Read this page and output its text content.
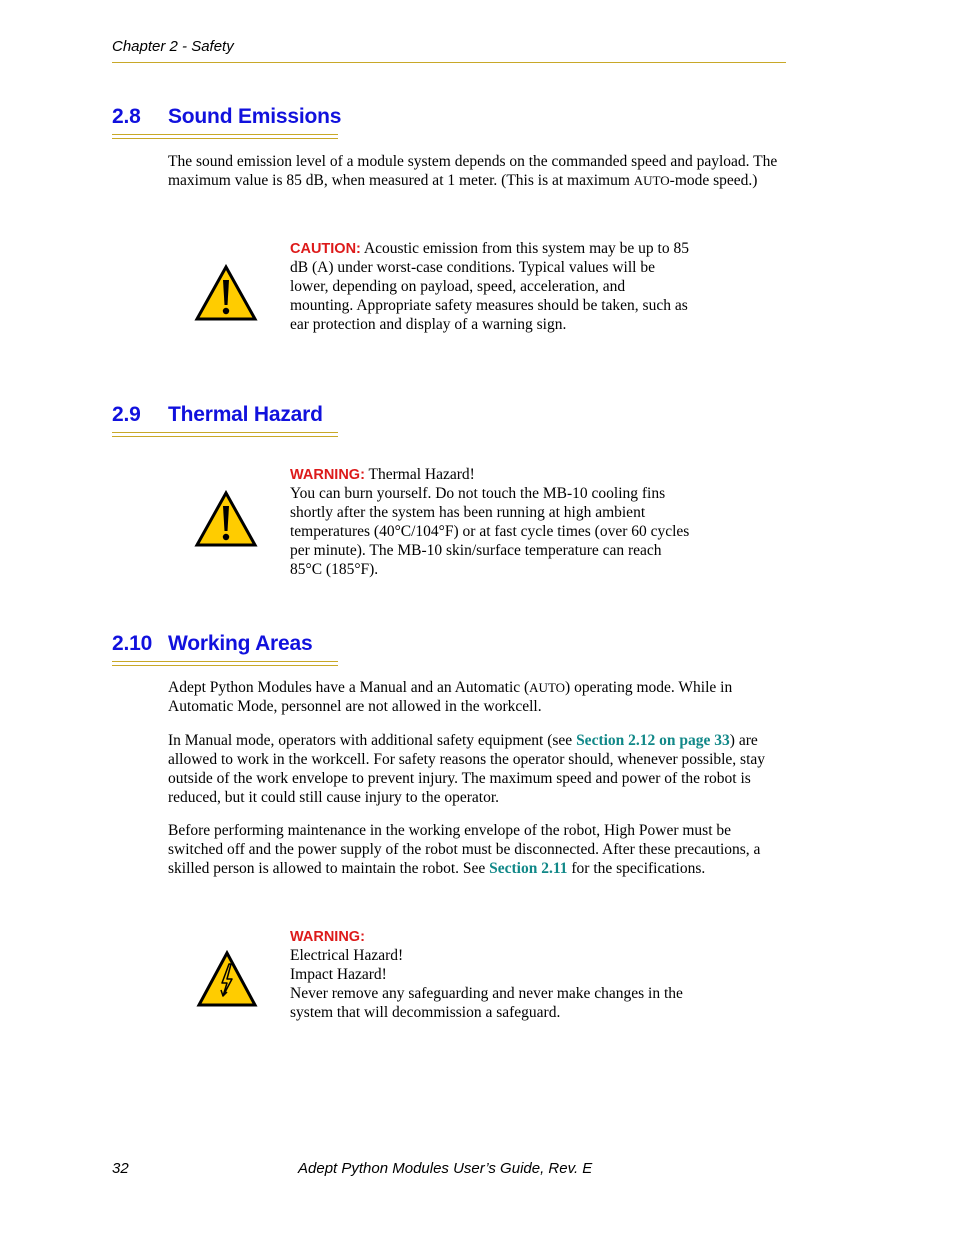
Chapter 2 - Safety
2.8 Sound Emissions

The sound emission level of a module system depends on the commanded speed and payload. The maximum value is 85 dB, when measured at 1 meter. (This is at maximum AUTO-mode speed.)

CAUTION: Acoustic emission from this system may be up to 85 dB (A) under worst-case conditions. Typical values will be lower, depending on payload, speed, acceleration, and mounting. Appropriate safety measures should be taken, such as ear protection and display of a warning sign.

2.9 Thermal Hazard
WARNING: Thermal Hazard!
You can burn yourself. Do not touch the MB-10 cooling fins shortly after the system has been running at high ambient temperatures (40°C/104°F) or at fast cycle times (over 60 cycles per minute). The MB-10 skin/surface temperature can reach 85°C (185°F).
2.10 Working Areas

Adept Python Modules have a Manual and an Automatic (AUTO) operating mode. While in Automatic Mode, personnel are not allowed in the workcell.

In Manual mode, operators with additional safety equipment (see Section 2.12 on page 33) are allowed to work in the workcell. For safety reasons the operator should, whenever possible, stay outside of the work envelope to prevent injury. The maximum speed and power of the robot is reduced, but it could still cause injury to the operator.

Before performing maintenance in the working envelope of the robot, High Power must be switched off and the power supply of the robot must be disconnected. After these precautions, a skilled person is allowed to maintain the robot. See Section 2.11 for the specifications.

WARNING:
Electrical Hazard!
Impact Hazard!
Never remove any safeguarding and never make changes in the system that will decommission a safeguard.
32	Adept Python Modules User’s Guide, Rev. E
